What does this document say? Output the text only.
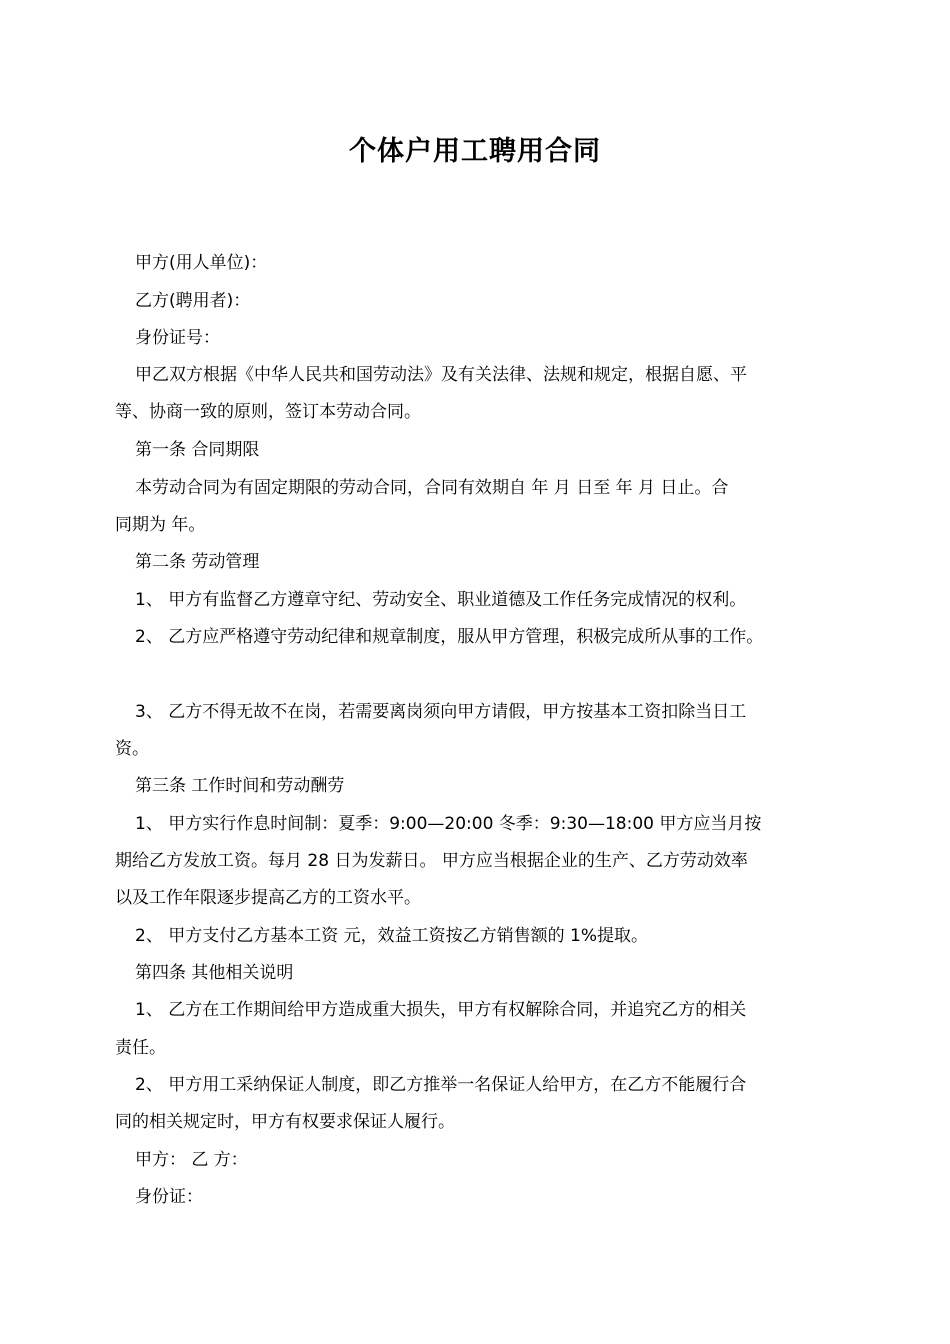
个体户用工聘用合同
甲方(用人单位)：
乙方(聘用者)：
身份证号：
甲乙双方根据《中华人民共和国劳动法》及有关法律、法规和规定，根据自愿、平
等、协商一致的原则，签订本劳动合同。
第一条 合同期限
本劳动合同为有固定期限的劳动合同，合同有效期自 年 月 日至 年 月 日止。合
同期为 年。
第二条 劳动管理
1、 甲方有监督乙方遵章守纪、劳动安全、职业道德及工作任务完成情况的权利。
2、 乙方应严格遵守劳动纪律和规章制度，服从甲方管理，积极完成所从事的工作。
3、 乙方不得无故不在岗，若需要离岗须向甲方请假，甲方按基本工资扣除当日工
资。
第三条 工作时间和劳动酬劳
1、 甲方实行作息时间制：夏季：9:00—20:00 冬季：9:30—18:00 甲方应当月按
期给乙方发放工资。每月 28 日为发薪日。 甲方应当根据企业的生产、乙方劳动效率
以及工作年限逐步提高乙方的工资水平。
2、 甲方支付乙方基本工资 元，效益工资按乙方销售额的 1%提取。
第四条 其他相关说明
1、 乙方在工作期间给甲方造成重大损失，甲方有权解除合同，并追究乙方的相关
责任。
2、 甲方用工采纳保证人制度，即乙方推举一名保证人给甲方，在乙方不能履行合
同的相关规定时，甲方有权要求保证人履行。
甲方： 乙 方：
身份证：
